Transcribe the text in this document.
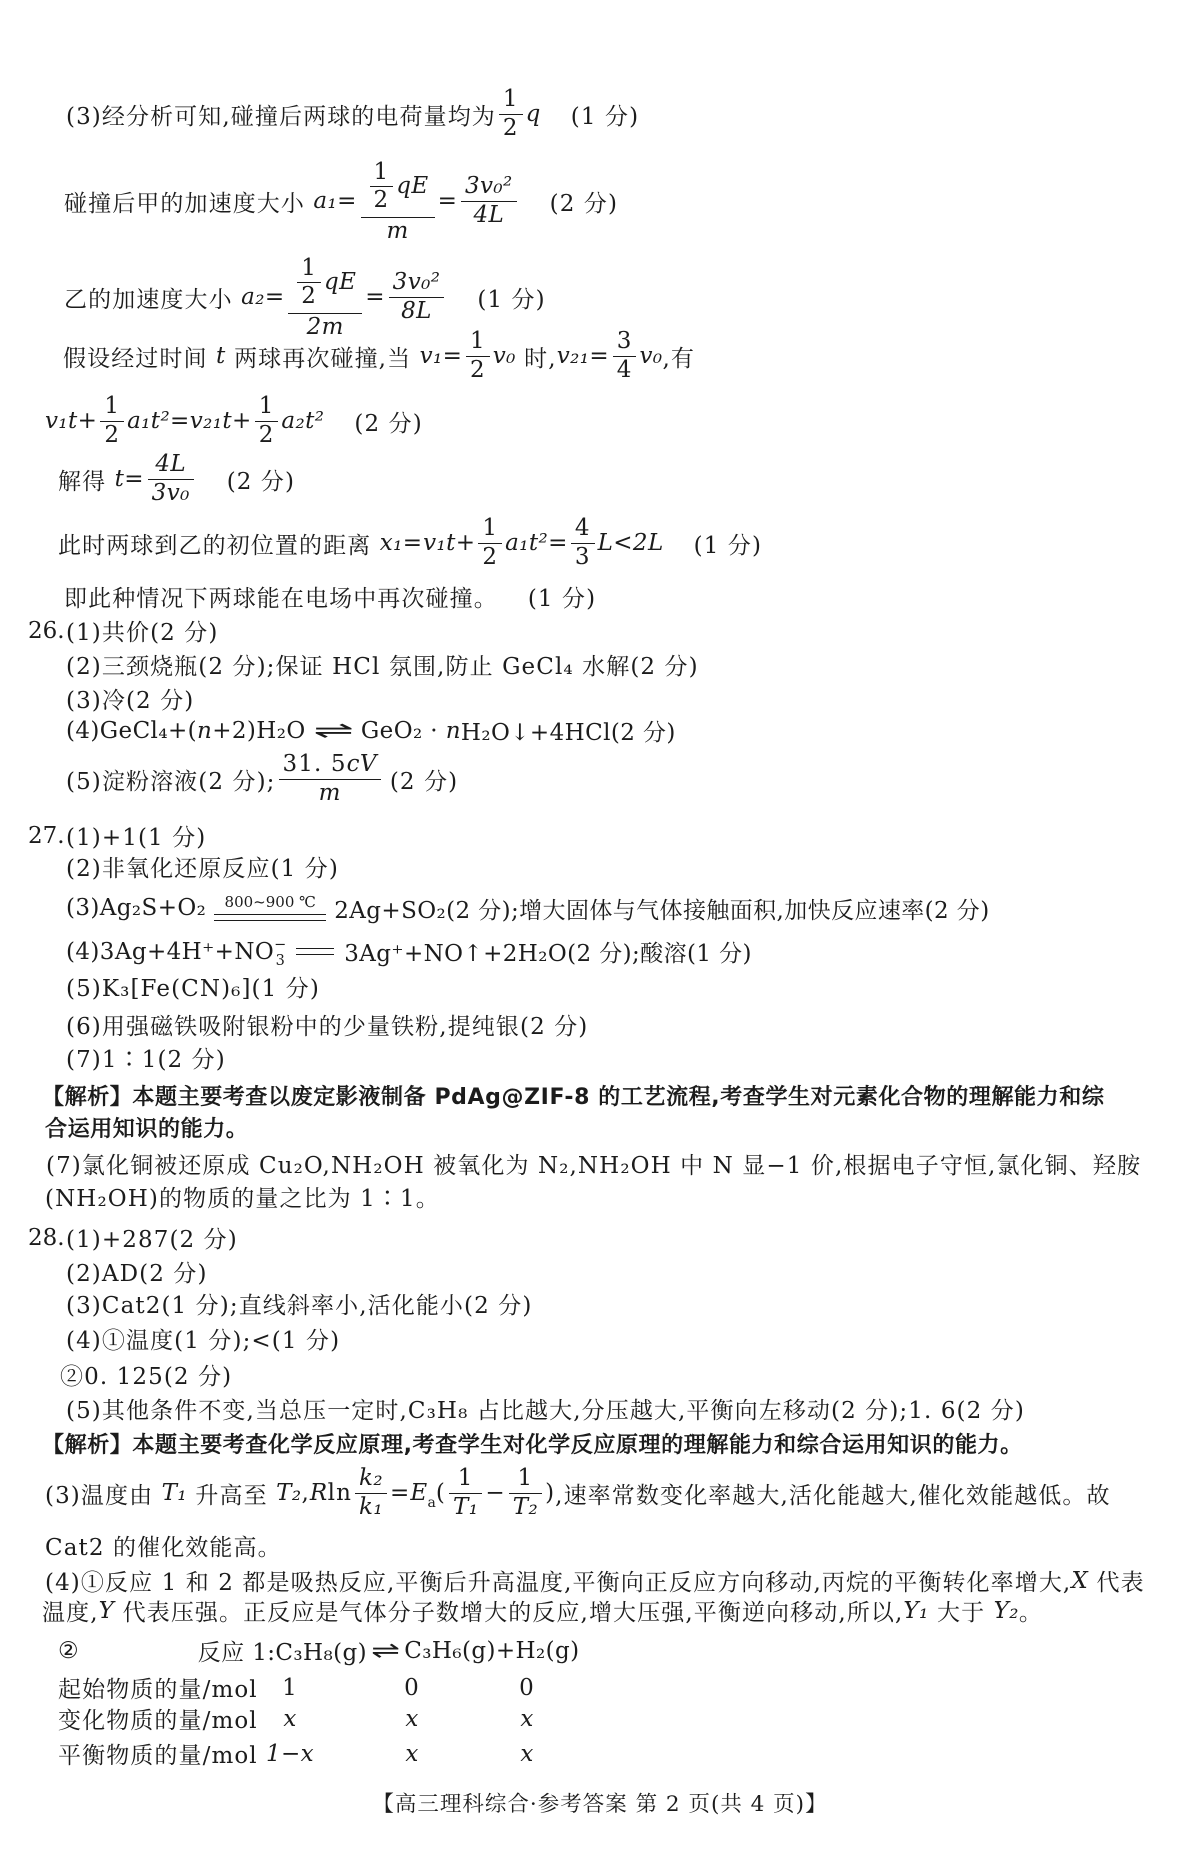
(3)经分析可知,碰撞后两球的电荷量均为 $\frac{1}{2}$ q (1 分)
碰撞后甲的加速度大小 $a_1 = \frac{\frac{1}{2} qE}{m} = \frac{\text{3v₀²}}{4L} (2$ 分)
乙的加速度大小 $a_2 = \frac{\frac{1}{2} qE}{2m} = \frac{\text{3v₀²}}{8L} (1$ 分)
假设经过时间 t 两球再次碰撞,当 $v_1 = \frac{1}{2} v_0$ 时, $v_{21} = \frac{3}{4} v_0$ ,有
$v_1t+ \frac{1}{2} a_1t^2=v_{21}t+ \frac{1}{2} a_2t^2$ (2 分)
解得 $t = \frac{4L}{\text{3v₀}} (2$ 分)
此时两球到乙的初位置的距离 $x_1 = v_1t+ \frac{1}{2} a_1t^2= \frac{4}{3} L<2L$ (1 分)
即此种情况下两球能在电场中再次碰撞。 (1 分)
26. (1)共价(2 分)
(2)三颈烧瓶(2 分);保证 HCl 氛围,防止 GeCl₄ 水解(2 分)
(3)冷(2 分)
(4)GeCl₄+( n +2)H₂O ⇌ GeO₂ · n H₂O↓+4HCl(2 分)
(5)淀粉溶液(2 分); $\frac{31. 5cV}{m} (2$ 分)
27. (1)+1(1 分)
(2)非氧化还原反应(1 分)
(3)Ag₂S+O₂ 800~900 ℃ 2Ag+SO₂(2 分);增大固体与气体接触面积,加快反应速率(2 分)
(4)3Ag+4H⁺+NO −
3	3Ag⁺+NO↑+2H₂O(2 分);酸溶(1 分)
(5)K₃[Fe(CN)₆](1 分)
(6)用强磁铁吸附银粉中的少量铁粉,提纯银(2 分)
(7)1∶1(2 分)
【解析】本题主要考查以废定影液制备 PdAg@ZIF-8 的工艺流程,考查学生对元素化合物的理解能力和综
合运用知识的能力。
(7)氯化铜被还原成 Cu₂O,NH₂OH 被氧化为 N₂,NH₂OH 中 N 显−1 价,根据电子守恒,氯化铜、羟胺
(NH₂OH)的物质的量之比为 1∶1。
28. (1)+287(2 分)
(2)AD(2 分)
(3)Cat2(1 分);直线斜率小,活化能小(2 分)
(4)①温度(1 分);<(1 分)
②0. 125(2 分)
(5)其他条件不变,当总压一定时,C₃H₈ 占比越大,分压越大,平衡向左移动(2 分);1. 6(2 分)
【解析】本题主要考查化学反应原理,考查学生对化学反应原理的理解能力和综合运用知识的能力。
(3)温度由 T₁ 升高至 T₂ , R $\ln \frac{\text{k₂}}{\text{k₁}} = E$ a ( $\frac{1}{\text{T₁}} - \frac{1}{\text{T₂}}$ ) ,速率常数变化率越大,活化能越大,催化效能越低。故
Cat2 的催化效能高。
(4)①反应 1 和 2 都是吸热反应,平衡后升高温度,平衡向正反应方向移动,丙烷的平衡转化率增大, X 代表
温度, Y 代表压强。正反应是气体分子数增大的反应,增大压强,平衡逆向移动,所以, Y₁ 大于 Y₂ 。
②	反应 1:C₃H₈(g) ⇌ C₃H₆(g)+H₂(g)
起始物质的量/mol	1	0	0
变化物质的量/mol	x	x	x
平衡物质的量/mol 1−x	x	x
【高三理科综合·参考答案 第 2 页(共 4 页)】
